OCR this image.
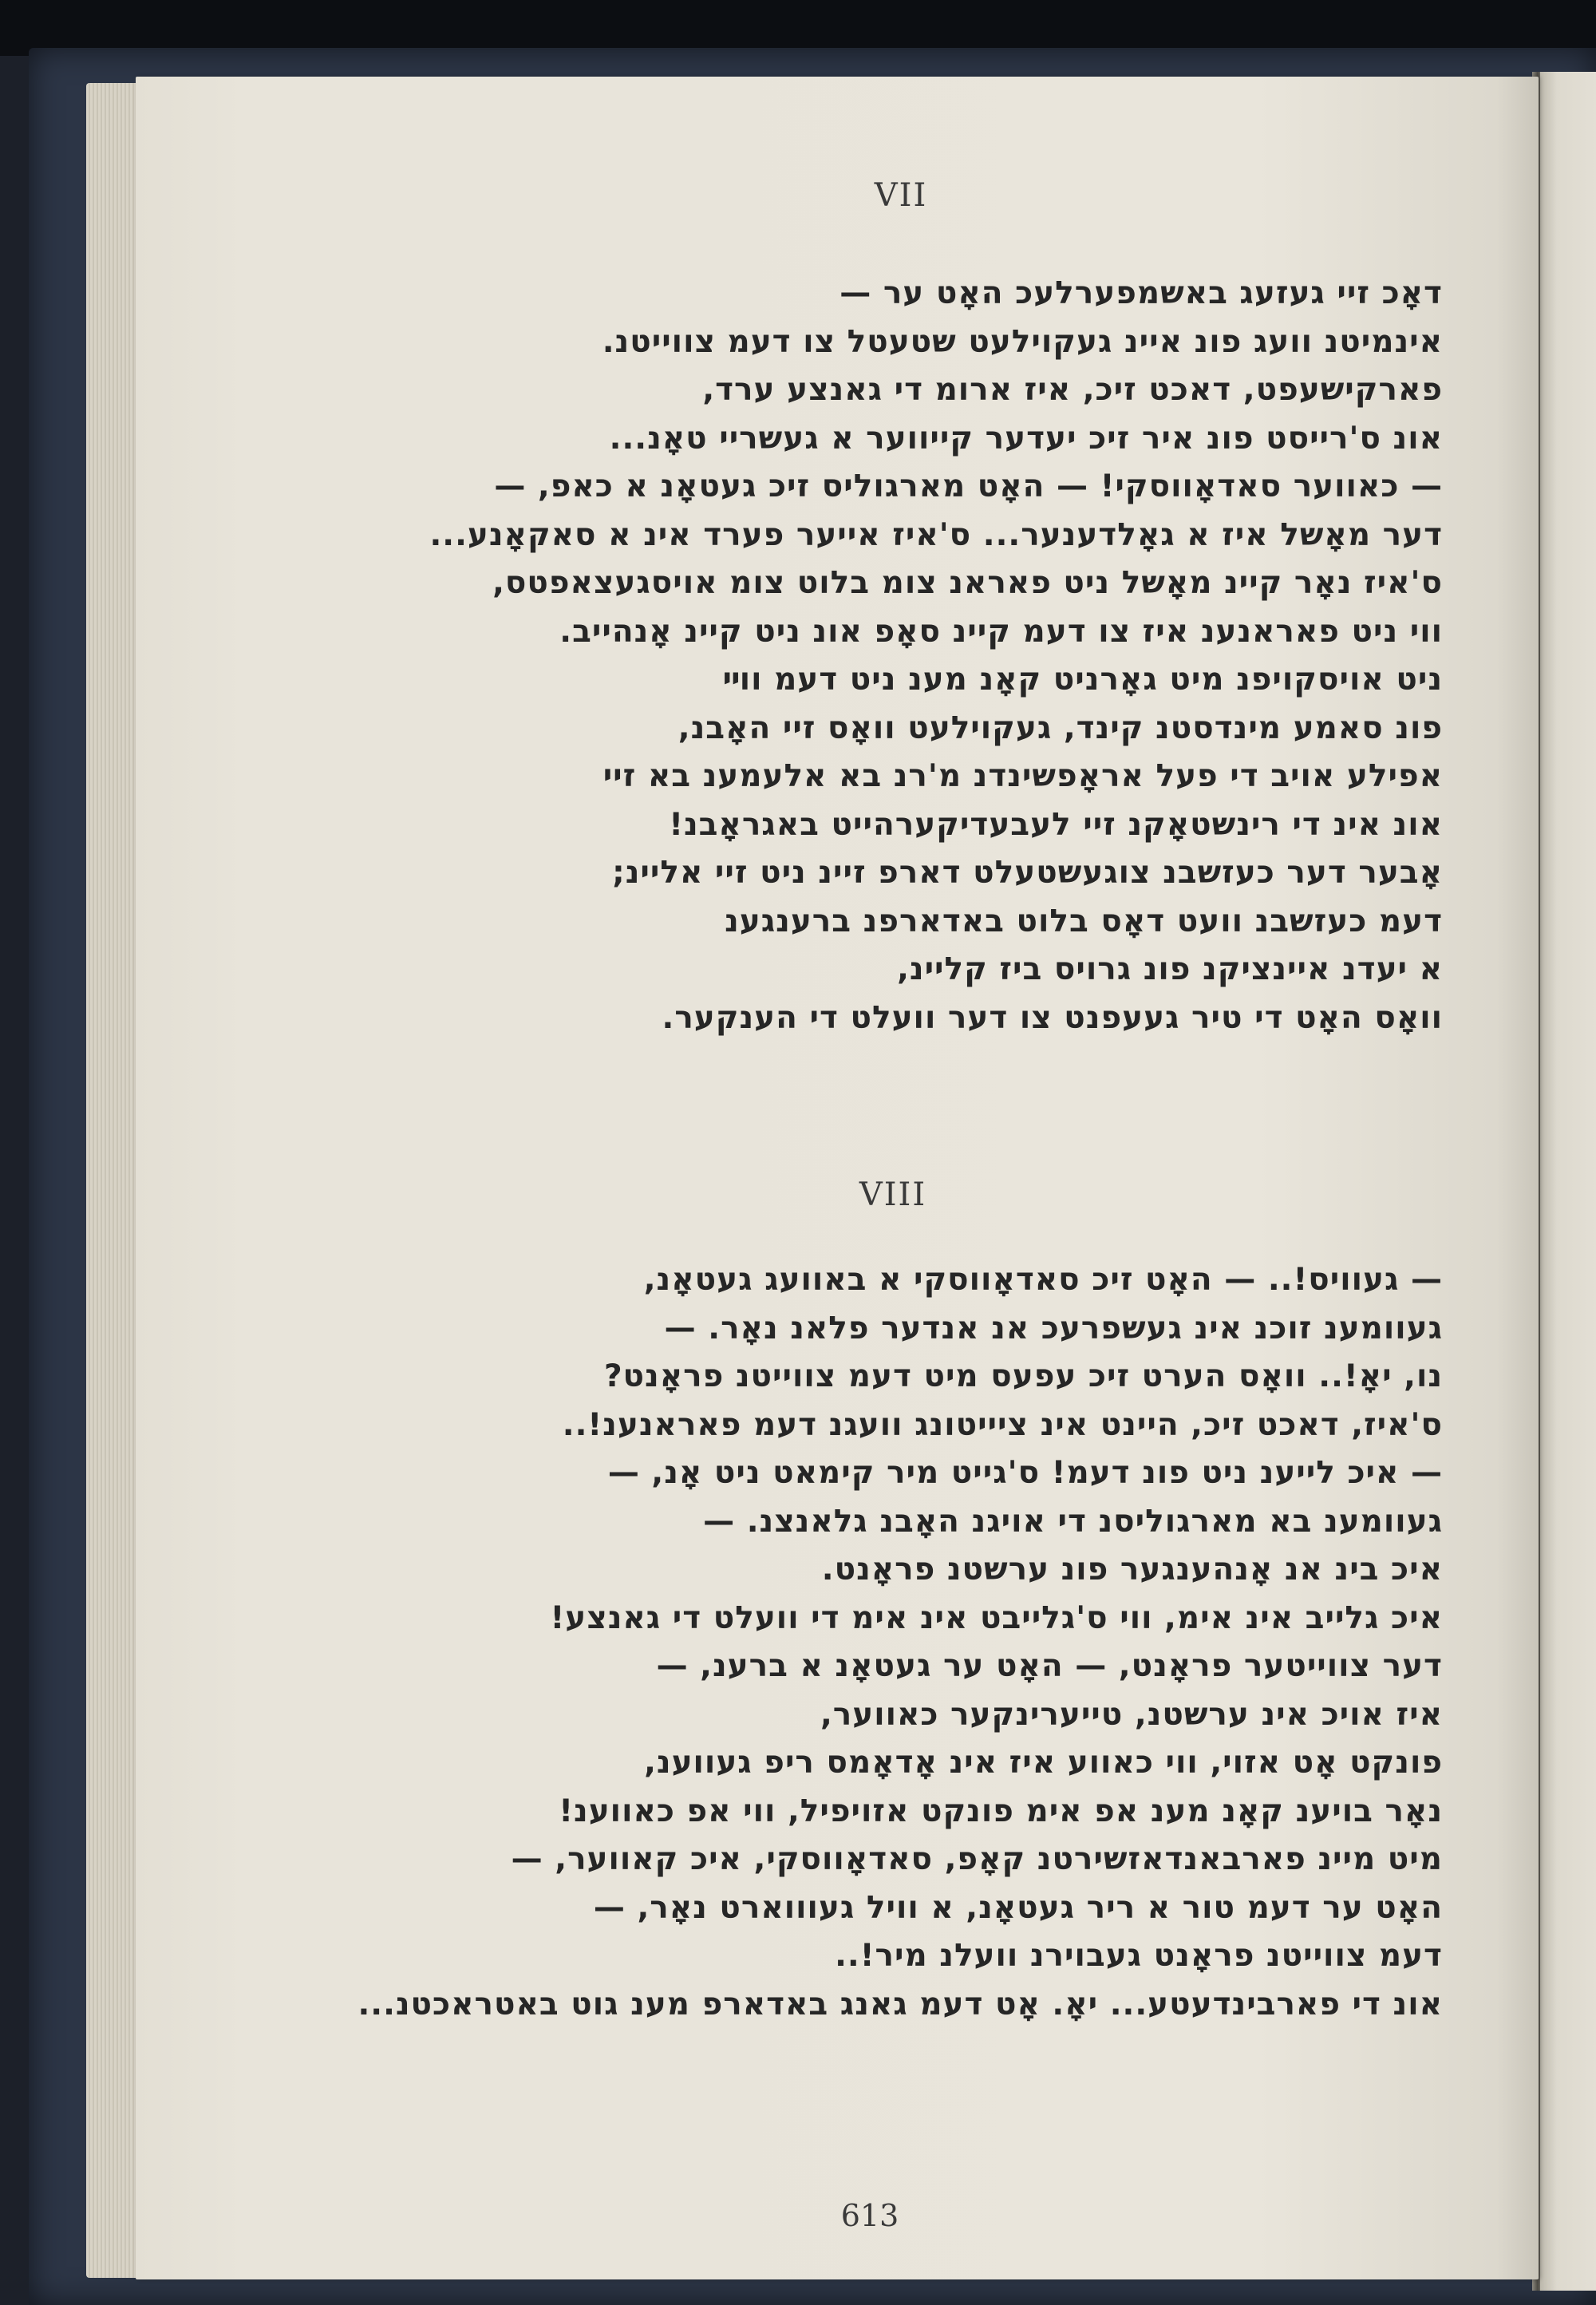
VII
דאָכ זיי געזעג באשמפערלעכ האָט ער —
אינמיטנ וועג פונ איינ געקוילעט שטעטל צו דעמ צווייטנ.
פארקישעפט, דאכט זיכ, איז ארומ די גאנצע ערד,
אונ ס'רייסט פונ איר זיכ יעדער קייווער א געשריי טאָנ...
— כאווער סאדאָווסקי! — האָט מארגוליס זיכ געטאָנ א כאפ, —
דער מאָשל איז א גאָלדענער... ס'איז אייער פערד אינ א סאקאָנע...
ס'איז נאָר קיינ מאָשל ניט פאראנ צומ בלוט צומ אויסגעצאפטס,
ווי ניט פאראנענ איז צו דעמ קיינ סאָפ אונ ניט קיינ אָנהייב.
ניט אויסקויפנ מיט גאָרניט קאָנ מענ ניט דעמ ווײ
פונ סאמע מינדסטנ קינד, געקוילעט וואָס זיי האָבנ,
אפילע אויב די פעל אראָפשינדנ מ'רנ בא אלעמענ בא זיי
אונ אינ די רינשטאָקנ זיי לעבעדיקערהייט באגראָבנ!
אָבער דער כעזשבנ צוגעשטעלט דארפ זיינ ניט זיי אליינ;
דעמ כעזשבנ וועט דאָס בלוט באדארפנ ברענגענ
א יעדנ איינציקנ פונ גרויס ביז קליינ,
וואָס האָט די טיר געעפנט צו דער וועלט די הענקער.
VIII
— געוויס!.. — האָט זיכ סאדאָווסקי א באוועג געטאָנ,
געוומענ זוכנ אינ געשפרעכ אנ אנדער פלאנ נאָר. —
נו, יאָ!.. וואָס הערט זיכ עפעס מיט דעמ צווייטנ פראָנט?
ס'איז, דאכט זיכ, היינט אינ ציייטונג וועגנ דעמ פאראנענ!..
— איכ לייענ ניט פונ דעמ! ס'גייט מיר קימאט ניט אָנ, —
געוומענ בא מארגוליסנ די אויגנ האָבנ גלאנצנ. —
איכ בינ אנ אָנהענגער פונ ערשטנ פראָנט.
איכ גלייב אינ אימ, ווי ס'גלייבט אינ אימ די וועלט די גאנצע!
דער צווייטער פראָנט, — האָט ער געטאָנ א ברענ, —
איז אויכ אינ ערשטנ, טייערינקער כאווער,
פונקט אָט אזוי, ווי כאווע איז אינ אָדאָמס ריפ געווענ,
נאָר בויענ קאָנ מענ אפ אימ פונקט אזויפיל, ווי אפ כאווענ!
מיט מיינ פארבאנדאזשירטנ קאָפ, סאדאָווסקי, איכ קאווער, —
האָט ער דעמ טור א ריר געטאָנ, א וויל געוווארט נאָר, —
דעמ צווייטנ פראָנט געבוירנ וועלנ מיר!..
אונ די פארבינדעטע... יאָ. אָט דעמ גאנג באדארפ מענ גוט באטראכטנ...
613
